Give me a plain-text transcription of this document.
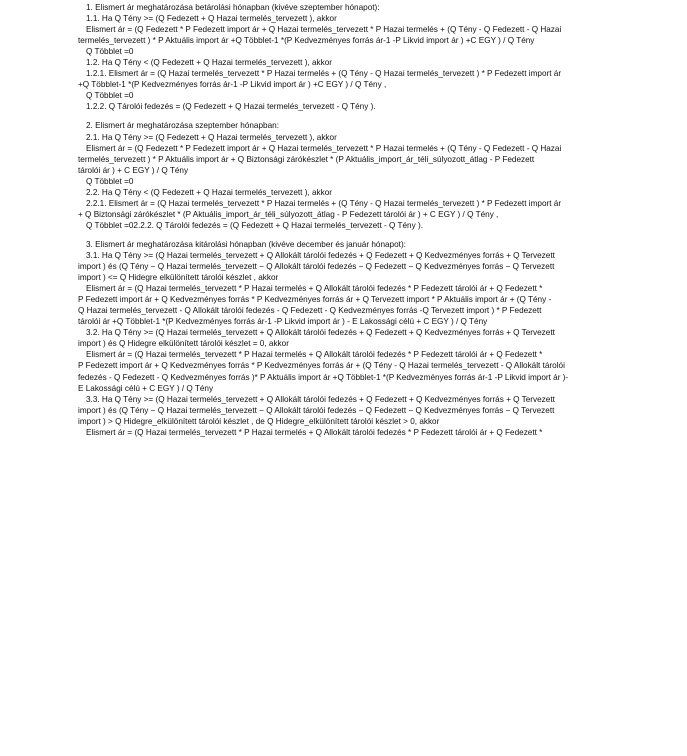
1. Elismert ár meghatározása betárolási hónapban (kivéve szeptember hónapot):
1.1. Ha Q Tény >= (Q Fedezett + Q Hazai termelés_tervezett ), akkor
Elismert ár = (Q Fedezett * P Fedezett import ár + Q Hazai termelés_tervezett * P Hazai termelés + (Q Tény - Q Fedezett - Q Hazai
termelés_tervezett ) * P Aktuális import ár +Q Többlet-1 *(P Kedvezményes forrás ár-1 -P Likvid import ár ) +C EGY ) / Q Tény
Q Többlet =0
1.2. Ha Q Tény < (Q Fedezett + Q Hazai termelés_tervezett ), akkor
1.2.1. Elismert ár = (Q Hazai termelés_tervezett * P Hazai termelés + (Q Tény - Q Hazai termelés_tervezett ) * P Fedezett import ár
+Q Többlet-1 *(P Kedvezményes forrás ár-1 -P Likvid import ár ) +C EGY ) / Q Tény ,
Q Többlet =0
1.2.2. Q Tárolói fedezés = (Q Fedezett + Q Hazai termelés_tervezett - Q Tény ).
2. Elismert ár meghatározása szeptember hónapban:
2.1. Ha Q Tény >= (Q Fedezett + Q Hazai termelés_tervezett ), akkor
Elismert ár = (Q Fedezett * P Fedezett import ár + Q Hazai termelés_tervezett * P Hazai termelés + (Q Tény - Q Fedezett - Q Hazai
termelés_tervezett ) * P Aktuális import ár + Q Biztonsági zárókészlet * (P Aktuális_import_ár_téli_súlyozott_átlag - P Fedezett
tárolói ár ) + C EGY ) / Q Tény
Q Többlet =0
2.2. Ha Q Tény < (Q Fedezett + Q Hazai termelés_tervezett ), akkor
2.2.1. Elismert ár = (Q Hazai termelés_tervezett * P Hazai termelés + (Q Tény - Q Hazai termelés_tervezett ) * P Fedezett import ár
+ Q Biztonsági zárókészlet * (P Aktuális_import_ár_téli_súlyozott_átlag - P Fedezett tárolói ár ) + C EGY ) / Q Tény ,
Q Többlet =02.2.2. Q Tárolói fedezés = (Q Fedezett + Q Hazai termelés_tervezett - Q Tény ).
3. Elismert ár meghatározása kitárolási hónapban (kivéve december és január hónapot):
3.1. Ha Q Tény >= (Q Hazai termelés_tervezett + Q Allokált tárolói fedezés + Q Fedezett + Q Kedvezményes forrás + Q Tervezett
import ) és (Q Tény − Q Hazai termelés_tervezett − Q Allokált tárolói fedezés − Q Fedezett − Q Kedvezményes forrás − Q Tervezett
import ) <= Q Hidegre elkülönített tárolói készlet , akkor
Elismert ár = (Q Hazai termelés_tervezett * P Hazai termelés + Q Allokált tárolói fedezés * P Fedezett tárolói ár + Q Fedezett *
P Fedezett import ár + Q Kedvezményes forrás * P Kedvezményes forrás ár + Q Tervezett import * P Aktuális import ár + (Q Tény -
Q Hazai termelés_tervezett - Q Allokált tárolói fedezés - Q Fedezett - Q Kedvezményes forrás -Q Tervezett import ) * P Fedezett
tárolói ár +Q Többlet-1 *(P Kedvezményes forrás ár-1 -P Likvid import ár ) - E Lakossági célú + C EGY ) / Q Tény
3.2. Ha Q Tény >= (Q Hazai termelés_tervezett + Q Allokált tárolói fedezés + Q Fedezett + Q Kedvezményes forrás + Q Tervezett
import ) és Q Hidegre elkülönített tárolói készlet = 0, akkor
Elismert ár = (Q Hazai termelés_tervezett * P Hazai termelés + Q Allokált tárolói fedezés * P Fedezett tárolói ár + Q Fedezett *
P Fedezett import ár + Q Kedvezményes forrás * P Kedvezményes forrás ár + (Q Tény - Q Hazai termelés_tervezett - Q Allokált tárolói
fedezés - Q Fedezett - Q Kedvezményes forrás )* P Aktuális import ár +Q Többlet-1 *(P Kedvezményes forrás ár-1 -P Likvid import ár )-
E Lakossági célú + C EGY ) / Q Tény
3.3. Ha Q Tény >= (Q Hazai termelés_tervezett + Q Allokált tárolói fedezés + Q Fedezett + Q Kedvezményes forrás + Q Tervezett
import ) és (Q Tény − Q Hazai termelés_tervezett − Q Allokált tárolói fedezés − Q Fedezett − Q Kedvezményes forrás − Q Tervezett
import ) > Q Hidegre_elkülönített tárolói készlet , de Q Hidegre_elkülönített tárolói készlet > 0, akkor
Elismert ár = (Q Hazai termelés_tervezett * P Hazai termelés + Q Allokált tárolói fedezés * P Fedezett tárolói ár + Q Fedezett *
